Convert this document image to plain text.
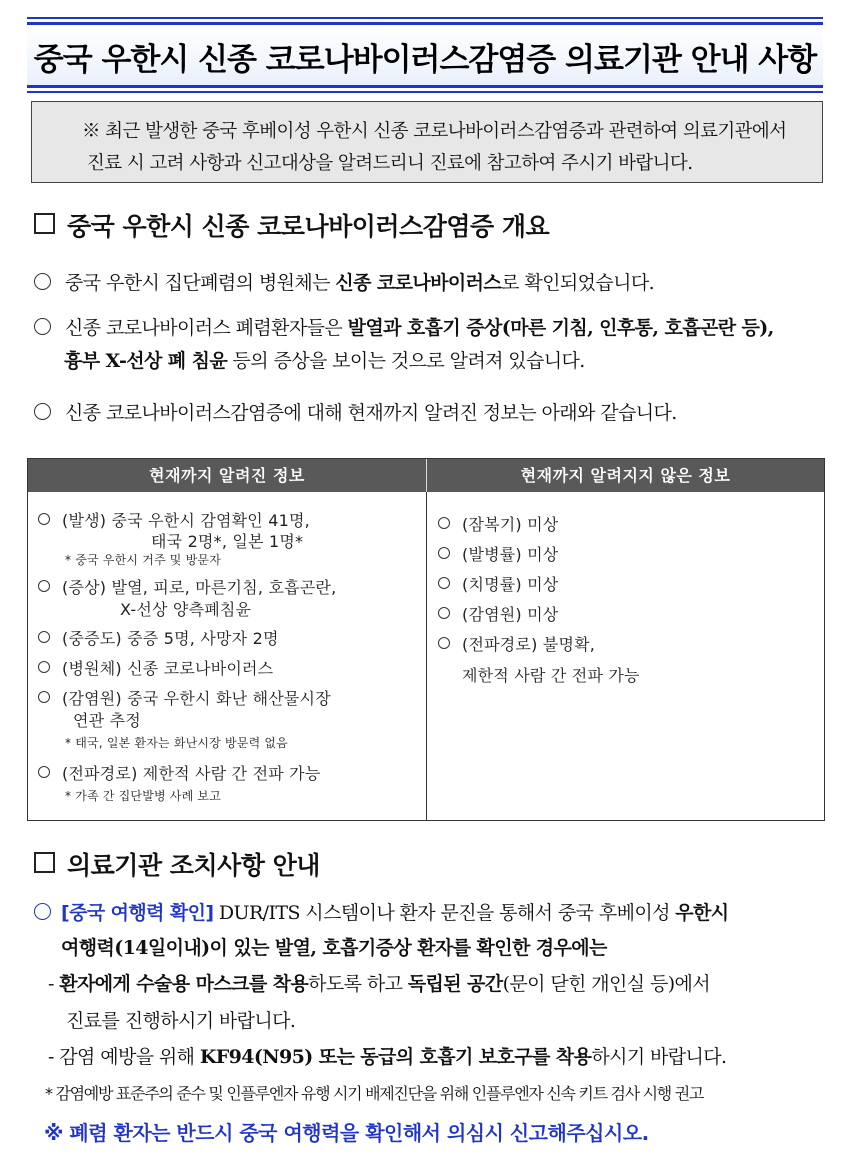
중국 우한시 신종 코로나바이러스감염증 의료기관 안내 사항
※ 최근 발생한 중국 후베이성 우한시 신종 코로나바이러스감염증과 관련하여 의료기관에서
진료 시 고려 사항과 신고대상을 알려드리니 진료에 참고하여 주시기 바랍니다.
중국 우한시 신종 코로나바이러스감염증 개요
중국 우한시 집단폐렴의 병원체는 신종 코로나바이러스로 확인되었습니다.
신종 코로나바이러스 폐렴환자들은 발열과 호흡기 증상(마른 기침, 인후통, 호흡곤란 등),
흉부 X-선상 폐 침윤 등의 증상을 보이는 것으로 알려져 있습니다.
신종 코로나바이러스감염증에 대해 현재까지 알려진 정보는 아래와 같습니다.
현재까지 알려진 정보	현재까지 알려지지 않은 정보
(발생) 중국 우한시 감염확인 41명,
태국 2명*, 일본 1명*
* 중국 우한시 거주 및 방문자
(증상) 발열, 피로, 마른기침, 호흡곤란,
X-선상 양측폐침윤
(중증도) 중증 5명, 사망자 2명
(병원체) 신종 코로나바이러스
(감염원) 중국 우한시 화난 해산물시장
연관 추정
* 태국, 일본 환자는 화난시장 방문력 없음
(전파경로) 제한적 사람 간 전파 가능
* 가족 간 집단발병 사례 보고
(잠복기) 미상
(발병률) 미상
(치명률) 미상
(감염원) 미상
(전파경로) 불명확,
제한적 사람 간 전파 가능
의료기관 조치사항 안내
[중국 여행력 확인] DUR/ITS 시스템이나 환자 문진을 통해서 중국 후베이성 우한시
여행력(14일이내)이 있는 발열, 호흡기증상 환자를 확인한 경우에는
- 환자에게 수술용 마스크를 착용하도록 하고 독립된 공간(문이 닫힌 개인실 등)에서
진료를 진행하시기 바랍니다.
- 감염 예방을 위해 KF94(N95) 또는 동급의 호흡기 보호구를 착용하시기 바랍니다.
* 감염예방 표준주의 준수 및 인플루엔자 유행 시기 배제진단을 위해 인플루엔자 신속 키트 검사 시행 권고
※ 폐렴 환자는 반드시 중국 여행력을 확인해서 의심시 신고해주십시오.
